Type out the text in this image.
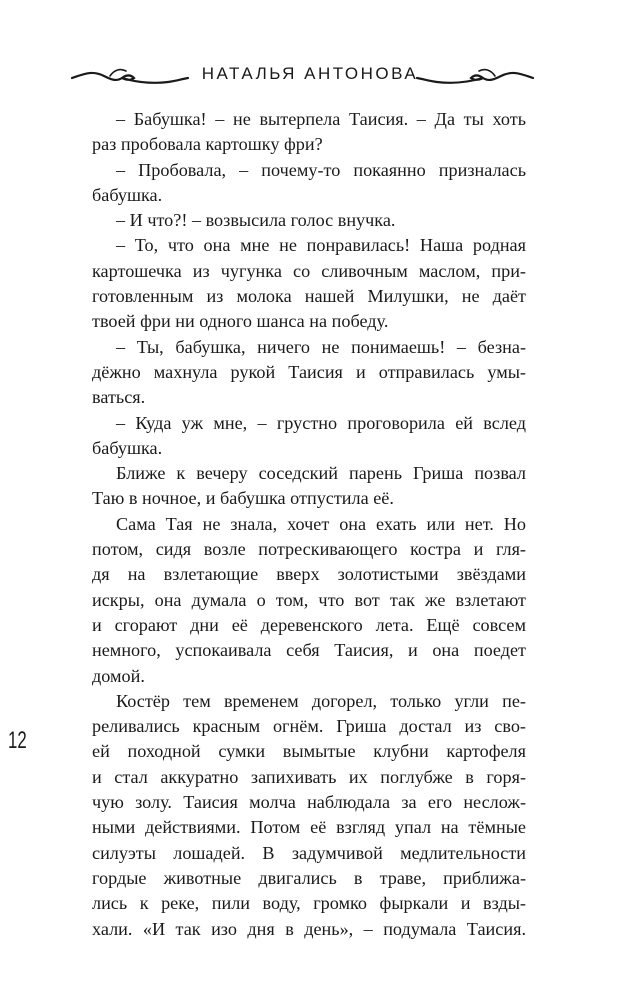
НАТАЛЬЯ АНТОНОВА

– Бабушка! – не вытерпела Таисия. – Да ты хоть
раз пробовала картошку фри?

– Пробовала, – почему-то покаянно призналась
бабушка.

– И что?! – возвысила голос внучка.

– То, что она мне не понравилась! Наша родная
картошечка из чугунка со сливочным маслом, при-
готовленным из молока нашей Милушки, не даёт
твоей фри ни одного шанса на победу.

– Ты, бабушка, ничего не понимаешь! – безна-
дёжно махнула рукой Таисия и отправилась умы-
ваться.

– Куда уж мне, – грустно проговорила ей вслед
бабушка.

Ближе к вечеру соседский парень Гриша позвал
Таю в ночное, и бабушка отпустила её.

Сама Тая не знала, хочет она ехать или нет. Но
потом, сидя возле потрескивающего костра и гля-
дя на взлетающие вверх золотистыми звёздами
искры, она думала о том, что вот так же взлетают
и сгорают дни её деревенского лета. Ещё совсем
немного, успокаивала себя Таисия, и она поедет
домой.

Костёр тем временем догорел, только угли пе-
реливались красным огнём. Гриша достал из сво-
ей походной сумки вымытые клубни картофеля
и стал аккуратно запихивать их поглубже в горя-
чую золу. Таисия молча наблюдала за его неслож-
ными действиями. Потом её взгляд упал на тёмные
силуэты лошадей. В задумчивой медлительности
гордые животные двигались в траве, приближа-
лись к реке, пили воду, громко фыркали и взды-
хали. «И так изо дня в день», – подумала Таисия.

12
